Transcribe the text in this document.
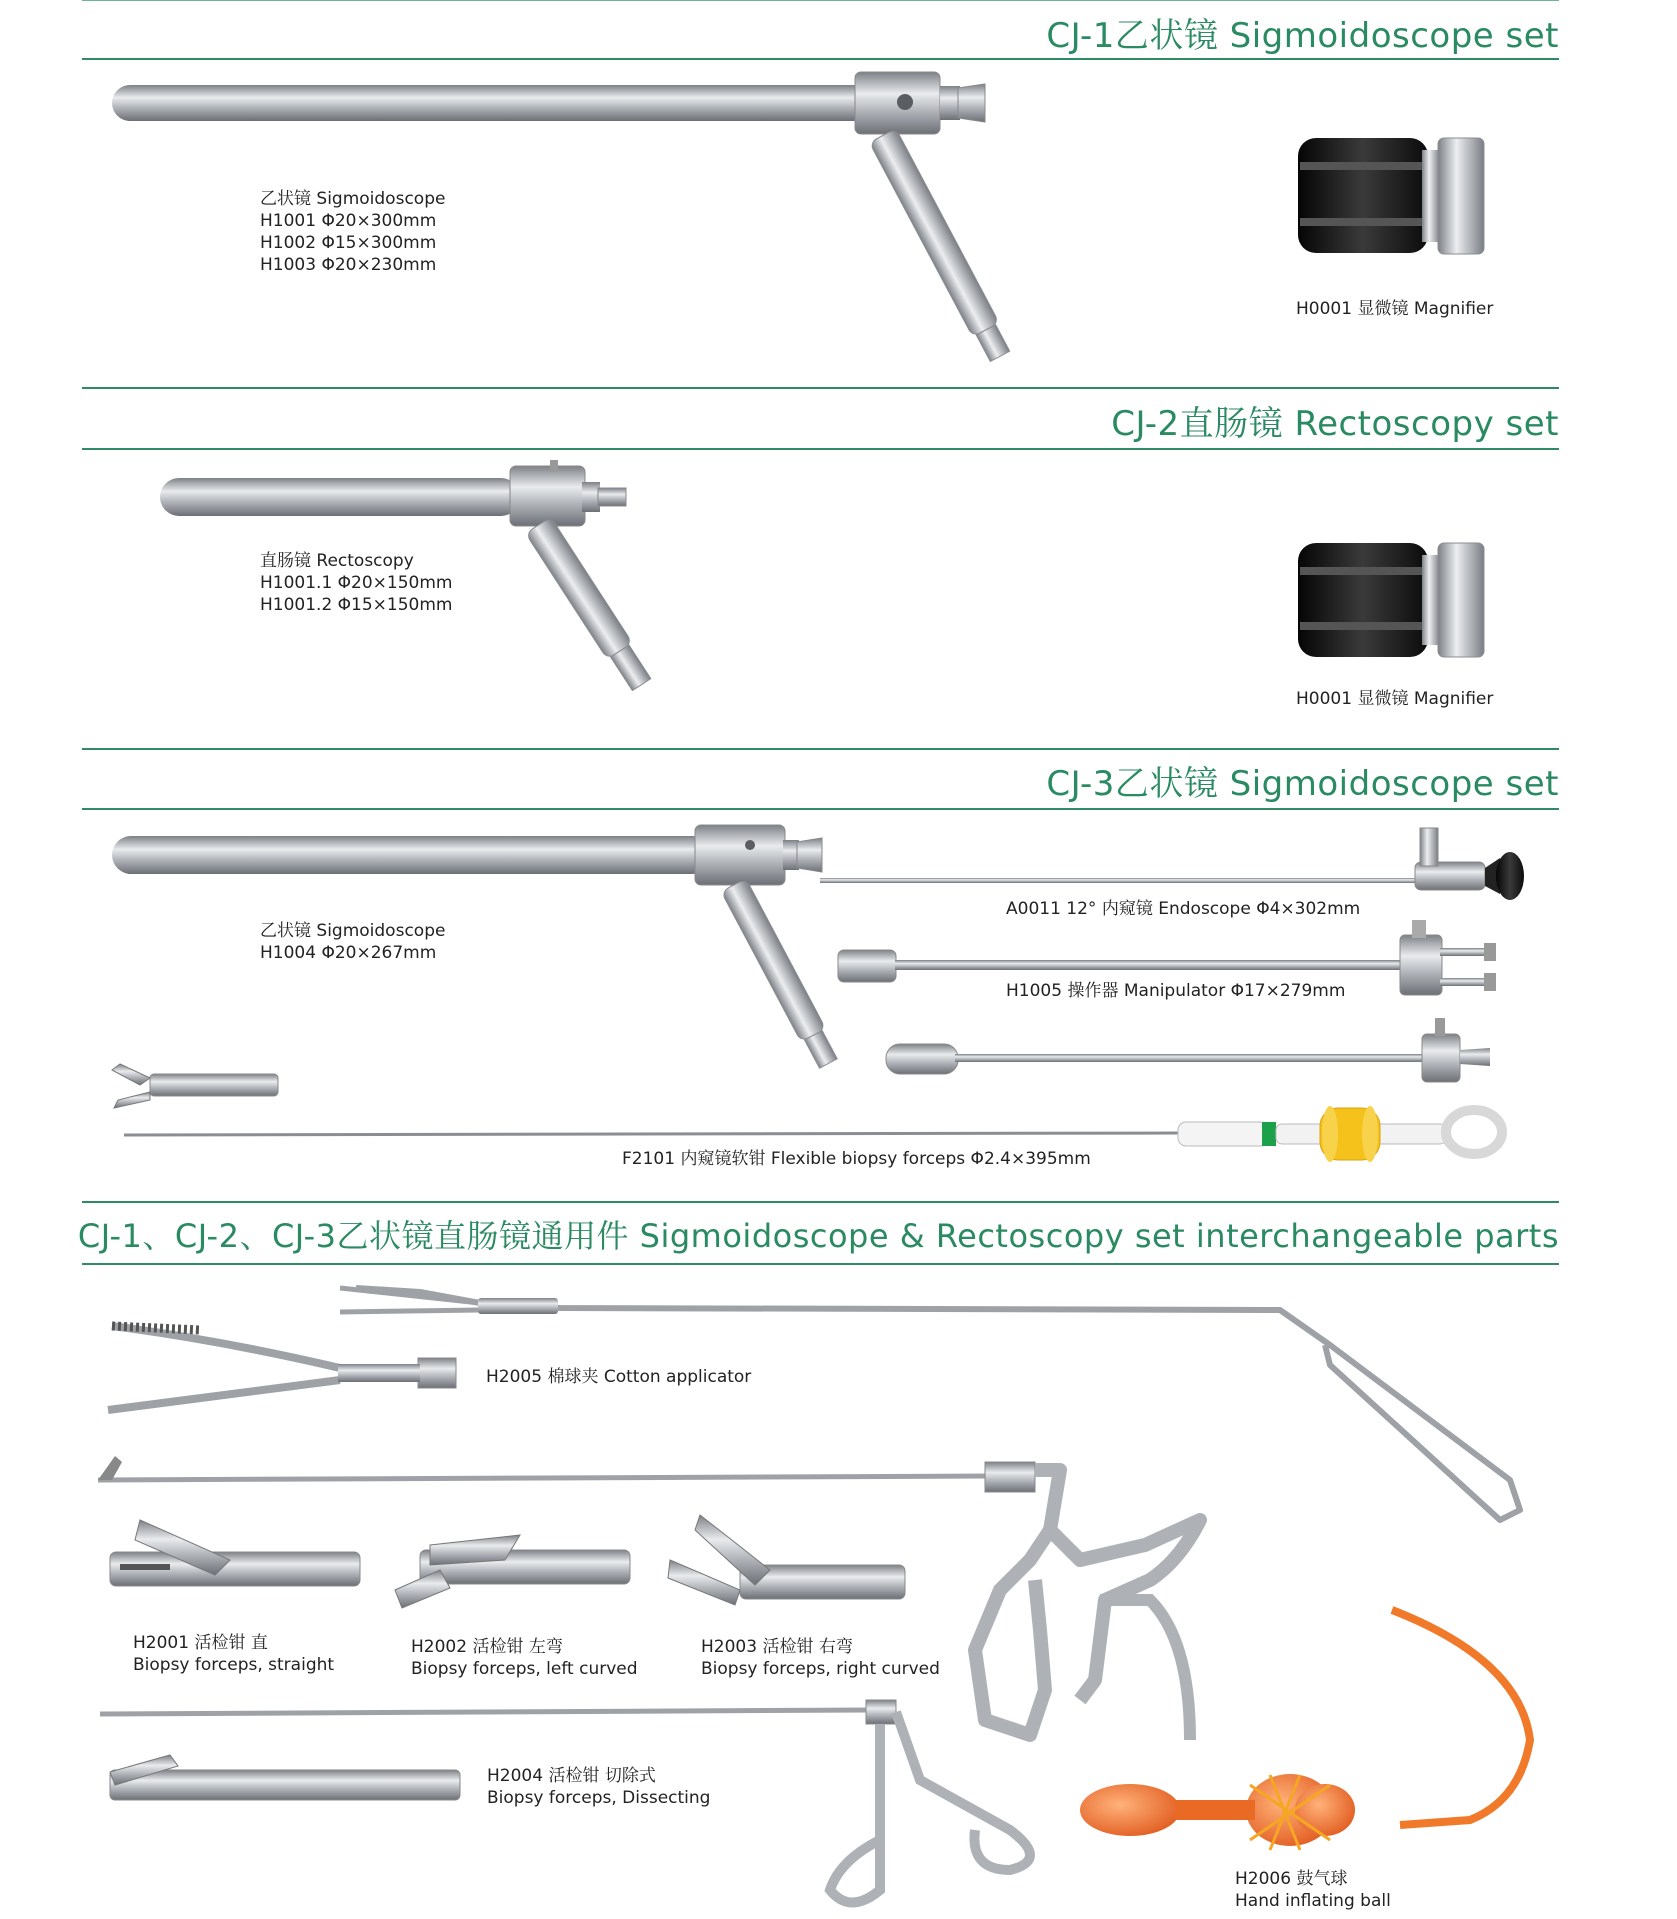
CJ-1乙状镜 Sigmoidoscope set
CJ-2直肠镜 Rectoscopy set
CJ-3乙状镜 Sigmoidoscope set
CJ-1、CJ-2、CJ-3乙状镜直肠镜通用件 Sigmoidoscope & Rectoscopy set interchangeable parts
乙状镜 Sigmoidoscope
H1001 Φ20×300mm
H1002 Φ15×300mm
H1003 Φ20×230mm
H0001 显微镜 Magnifier
直肠镜 Rectoscopy
H1001.1 Φ20×150mm
H1001.2 Φ15×150mm
H0001 显微镜 Magnifier
乙状镜 Sigmoidoscope
H1004 Φ20×267mm
A0011 12° 内窥镜 Endoscope Φ4×302mm
H1005 操作器 Manipulator Φ17×279mm
F2101 内窥镜软钳 Flexible biopsy forceps Φ2.4×395mm
H2005 棉球夹 Cotton applicator
H2001 活检钳 直
Biopsy forceps, straight
H2002 活检钳 左弯
Biopsy forceps, left curved
H2003 活检钳 右弯
Biopsy forceps, right curved
H2004 活检钳 切除式
Biopsy forceps, Dissecting
H2006 鼓气球
Hand inflating ball
